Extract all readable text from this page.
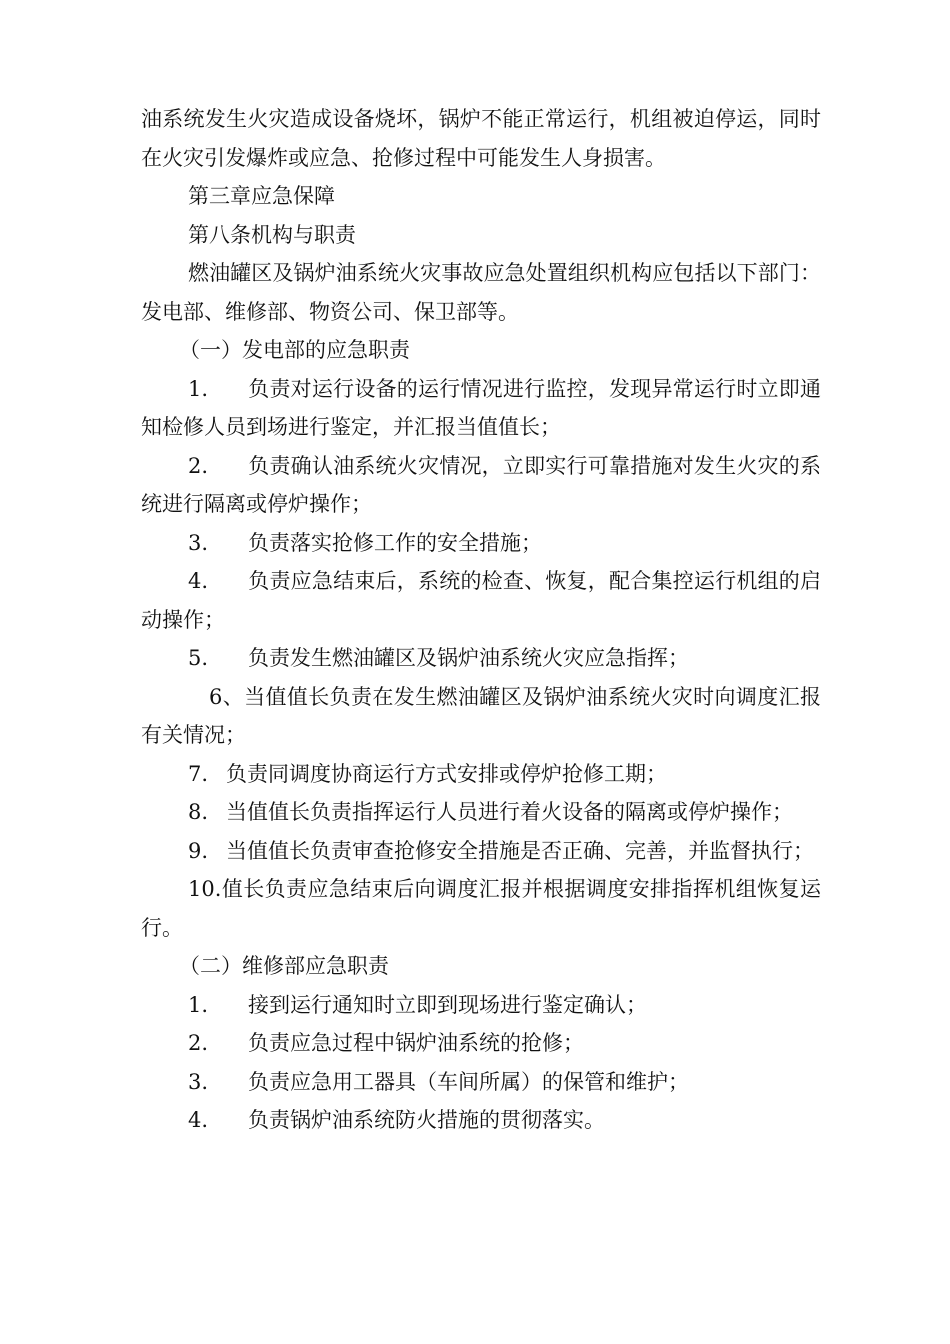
油系统发生火灾造成设备烧坏，锅炉不能正常运行，机组被迫停运，同时在火灾引发爆炸或应急、抢修过程中可能发生人身损害。

第三章应急保障

第八条机构与职责

燃油罐区及锅炉油系统火灾事故应急处置组织机构应包括以下部门：发电部、维修部、物资公司、保卫部等。

（一）发电部的应急职责

1. 负责对运行设备的运行情况进行监控，发现异常运行时立即通知检修人员到场进行鉴定，并汇报当值值长；

2. 负责确认油系统火灾情况，立即实行可靠措施对发生火灾的系统进行隔离或停炉操作；

3. 负责落实抢修工作的安全措施；

4. 负责应急结束后，系统的检查、恢复，配合集控运行机组的启动操作；

5. 负责发生燃油罐区及锅炉油系统火灾应急指挥；

6、当值值长负责在发生燃油罐区及锅炉油系统火灾时向调度汇报有关情况；

7. 负责同调度协商运行方式安排或停炉抢修工期；

8. 当值值长负责指挥运行人员进行着火设备的隔离或停炉操作；

9. 当值值长负责审查抢修安全措施是否正确、完善，并监督执行；

10.值长负责应急结束后向调度汇报并根据调度安排指挥机组恢复运行。

（二）维修部应急职责

1. 接到运行通知时立即到现场进行鉴定确认；

2. 负责应急过程中锅炉油系统的抢修；

3. 负责应急用工器具（车间所属）的保管和维护；

4. 负责锅炉油系统防火措施的贯彻落实。
